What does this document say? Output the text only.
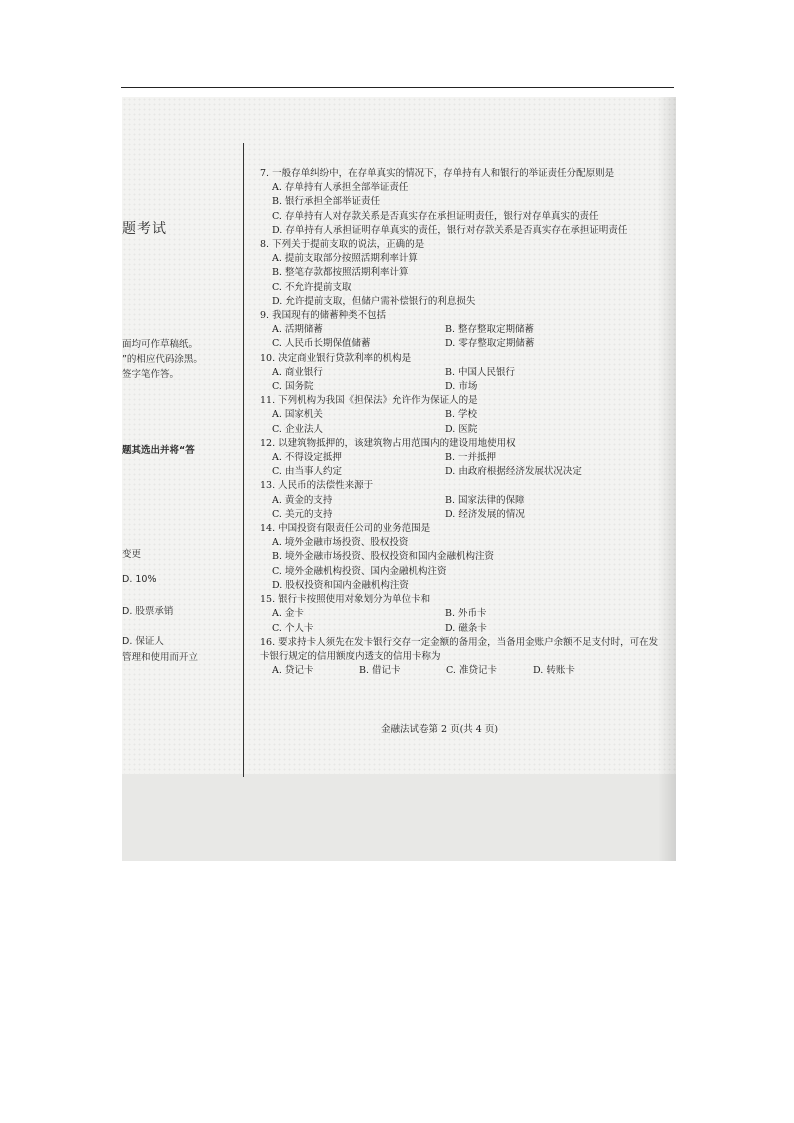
题考试
面均可作草稿纸。
”的相应代码涂黑。
签字笔作答。
题其选出并将“答
变更
D. 10%
D. 股票承销
D. 保证人
管理和使用而开立
7. 一般存单纠纷中，在存单真实的情况下，存单持有人和银行的举证责任分配原则是
A. 存单持有人承担全部举证责任
B. 银行承担全部举证责任
C. 存单持有人对存款关系是否真实存在承担证明责任，银行对存单真实的责任
D. 存单持有人承担证明存单真实的责任，银行对存款关系是否真实存在承担证明责任
8. 下列关于提前支取的说法，正确的是
A. 提前支取部分按照活期利率计算
B. 整笔存款都按照活期利率计算
C. 不允许提前支取
D. 允许提前支取，但储户需补偿银行的利息损失
9. 我国现有的储蓄种类不包括
A. 活期储蓄	B. 整存整取定期储蓄
C. 人民币长期保值储蓄	D. 零存整取定期储蓄
10. 决定商业银行贷款利率的机构是
A. 商业银行	B. 中国人民银行
C. 国务院	D. 市场
11. 下列机构为我国《担保法》允许作为保证人的是
A. 国家机关	B. 学校
C. 企业法人	D. 医院
12. 以建筑物抵押的，该建筑物占用范围内的建设用地使用权
A. 不得设定抵押	B. 一并抵押
C. 由当事人约定	D. 由政府根据经济发展状况决定
13. 人民币的法偿性来源于
A. 黄金的支持	B. 国家法律的保障
C. 美元的支持	D. 经济发展的情况
14. 中国投资有限责任公司的业务范围是
A. 境外金融市场投资、股权投资
B. 境外金融市场投资、股权投资和国内金融机构注资
C. 境外金融机构投资、国内金融机构注资
D. 股权投资和国内金融机构注资
15. 银行卡按照使用对象划分为单位卡和
A. 金卡	B. 外币卡
C. 个人卡	D. 磁条卡
16. 要求持卡人须先在发卡银行交存一定金额的备用金，当备用金账户余额不足支付时，可在发卡银行规定的信用额度内透支的信用卡称为
A. 贷记卡	B. 借记卡	C. 准贷记卡	D. 转账卡
金融法试卷第 2 页(共 4 页)
